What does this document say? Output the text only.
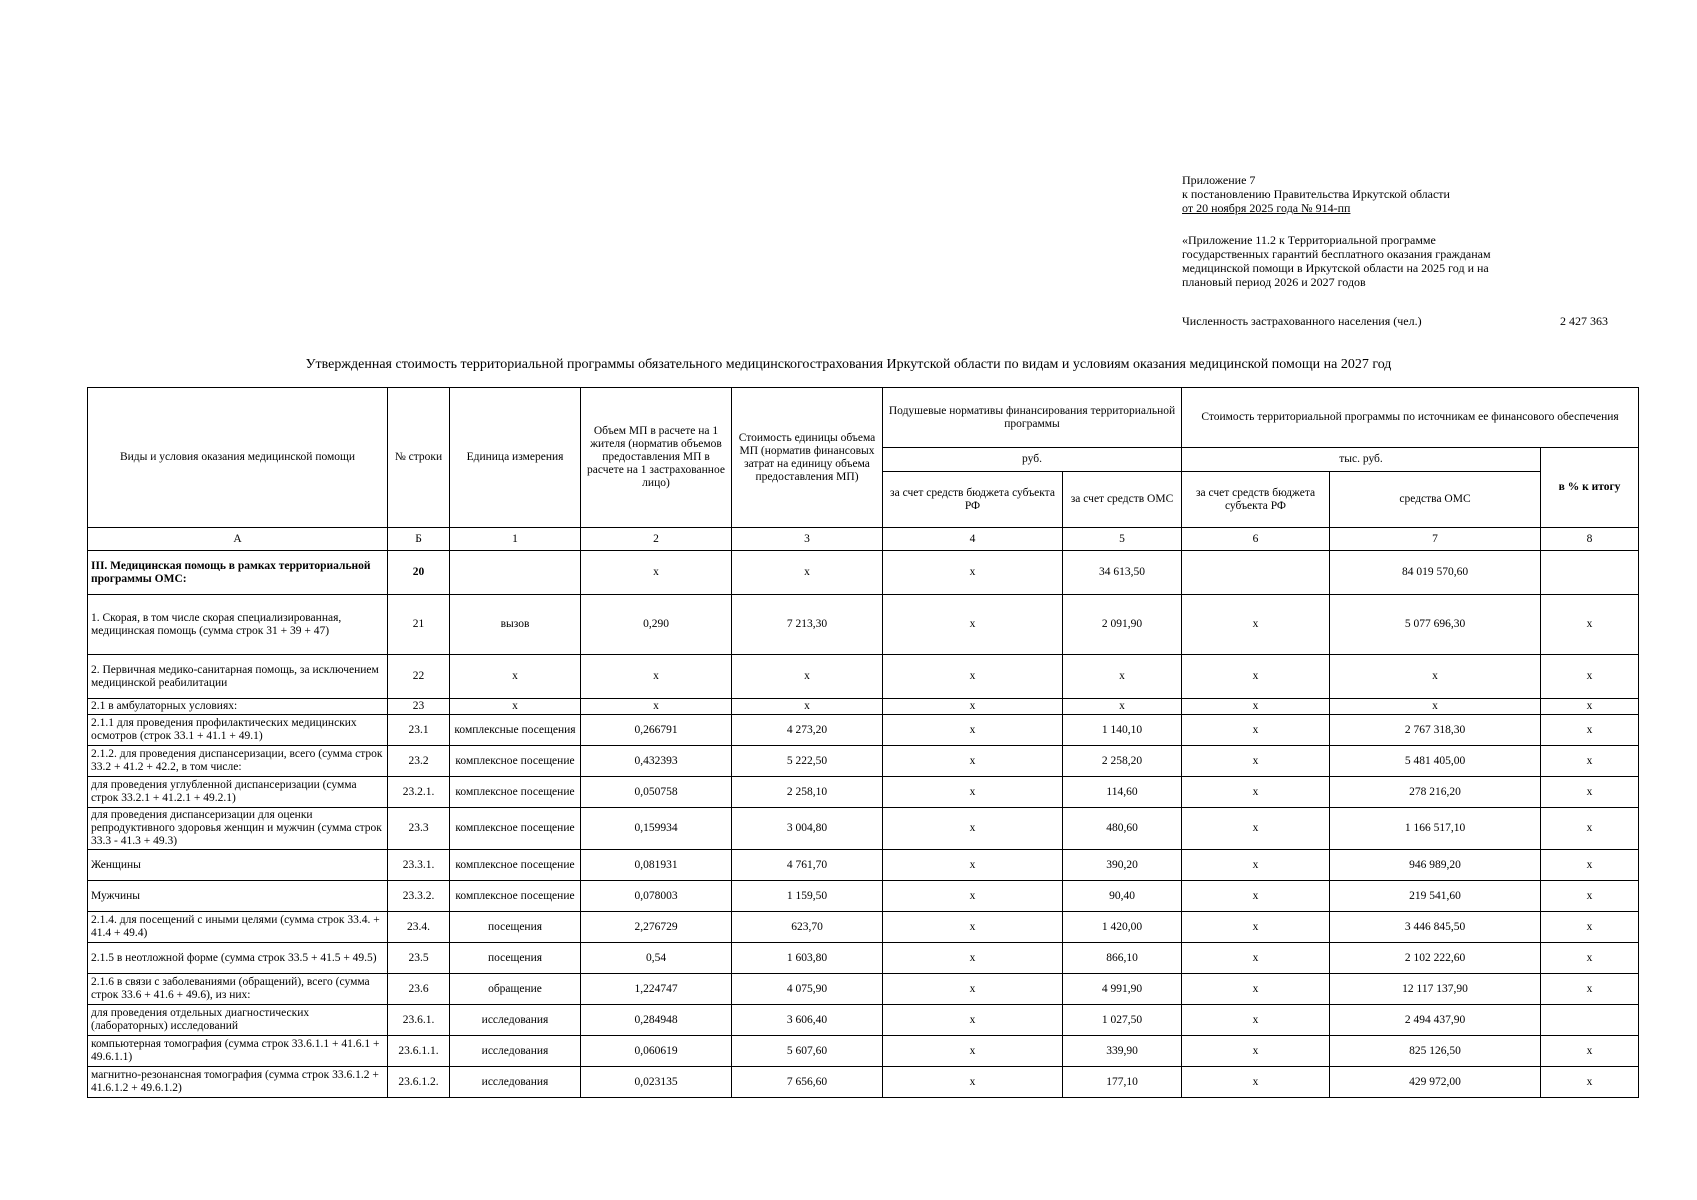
Приложение 7
к постановлению Правительства Иркутской области
от 20 ноября 2025 года № 914-пп
«Приложение 11.2 к Территориальной программе
государственных гарантий бесплатного оказания гражданам
медицинской помощи в Иркутской области на 2025 год и на
плановый период 2026 и 2027 годов
Численность застрахованного населения (чел.)	2 427 363
Утвержденная стоимость территориальной программы обязательного медицинскогострахования Иркутской области по видам и условиям оказания медицинской помощи на 2027 год
Виды и условия оказания медицинской помощи	№ строки	Единица измерения	Объем МП в расчете на 1 жителя (норматив объемов предоставления МП в расчете на 1 застрахованное лицо)	Стоимость единицы объема МП (норматив финансовых затрат на единицу объема предоставления МП)	Подушевые нормативы финансирования территориальной программы		Стоимость территориальной программы по источникам ее финансового обеспечения		
					руб.		тыс. руб.		в % к итогу
					за счет средств бюджета субъекта РФ	за счет средств ОМС	за счет средств бюджета субъекта РФ	средства ОМС	
А	Б	1	2	3	4	5	6	7	8
III. Медицинская помощь в рамках территориальной программы ОМС:	20		х	х	х	34 613,50		84 019 570,60	
1. Скорая, в том числе скорая специализированная, медицинская помощь (сумма строк 31 + 39 + 47)	21	вызов	0,290	7 213,30	х	2 091,90	х	5 077 696,30	х
2. Первичная медико-санитарная помощь, за исключением медицинской реабилитации	22	х	х	х	х	х	х	х	х
2.1 в амбулаторных условиях:	23	х	х	х	х	х	х	х	х
2.1.1 для проведения профилактических медицинских осмотров (строк 33.1 + 41.1 + 49.1)	23.1	комплексные посещения	0,266791	4 273,20	х	1 140,10	х	2 767 318,30	х
2.1.2. для проведения диспансеризации, всего (сумма строк 33.2 + 41.2 + 42.2, в том числе:	23.2	комплексное посещение	0,432393	5 222,50	х	2 258,20	х	5 481 405,00	х
для проведения углубленной диспансеризации (сумма строк 33.2.1 + 41.2.1 + 49.2.1)	23.2.1.	комплексное посещение	0,050758	2 258,10	х	114,60	х	278 216,20	х
для проведения диспансеризации для оценки репродуктивного здоровья женщин и мужчин (сумма строк 33.3 - 41.3 + 49.3)	23.3	комплексное посещение	0,159934	3 004,80	х	480,60	х	1 166 517,10	х
Женщины	23.3.1.	комплексное посещение	0,081931	4 761,70	х	390,20	х	946 989,20	х
Мужчины	23.3.2.	комплексное посещение	0,078003	1 159,50	х	90,40	х	219 541,60	х
2.1.4. для посещений с иными целями (сумма строк 33.4. + 41.4 + 49.4)	23.4.	посещения	2,276729	623,70	х	1 420,00	х	3 446 845,50	х
2.1.5 в неотложной форме (сумма строк 33.5 + 41.5 + 49.5)	23.5	посещения	0,54	1 603,80	х	866,10	х	2 102 222,60	х
2.1.6 в связи с заболеваниями (обращений), всего (сумма строк 33.6 + 41.6 + 49.6), из них:	23.6	обращение	1,224747	4 075,90	х	4 991,90	х	12 117 137,90	х
для проведения отдельных диагностических (лабораторных) исследований	23.6.1.	исследования	0,284948	3 606,40	х	1 027,50	х	2 494 437,90	
компьютерная томография (сумма строк 33.6.1.1 + 41.6.1 + 49.6.1.1)	23.6.1.1.	исследования	0,060619	5 607,60	х	339,90	х	825 126,50	х
магнитно-резонансная томография (сумма строк 33.6.1.2 + 41.6.1.2 + 49.6.1.2)	23.6.1.2.	исследования	0,023135	7 656,60	х	177,10	х	429 972,00	х
